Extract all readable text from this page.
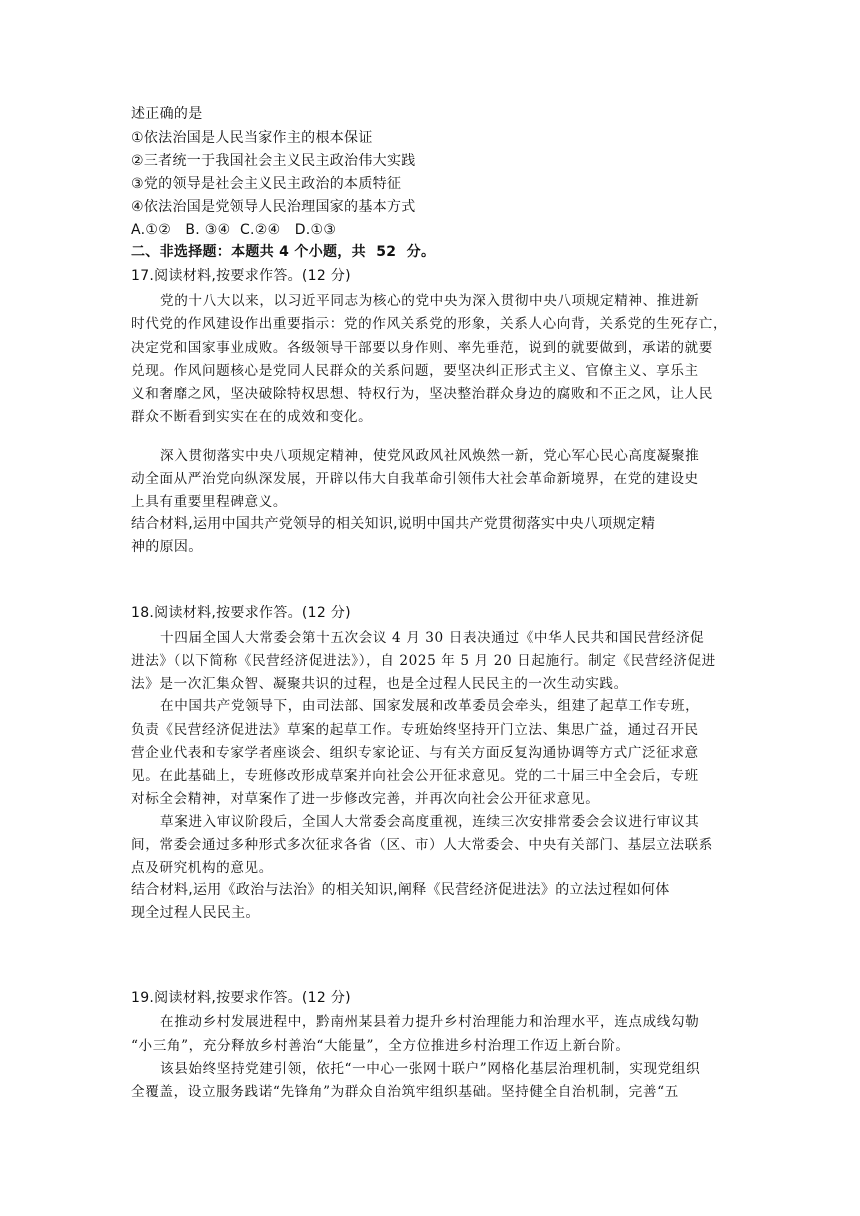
述正确的是
①依法治国是人民当家作主的根本保证
②三者统一于我国社会主义民主政治伟大实践
③党的领导是社会主义民主政治的本质特征
④依法治国是党领导人民治理国家的基本方式
A.①②   B. ③④  C.②④   D.①③
二、非选择题：本题共 4 个小题，共  52  分。
17.阅读材料,按要求作答。(12 分)
党的十八大以来，以习近平同志为核心的党中央为深入贯彻中央八项规定精神、推进新
时代党的作风建设作出重要指示：党的作风关系党的形象，关系人心向背，关系党的生死存亡，
决定党和国家事业成败。各级领导干部要以身作则、率先垂范，说到的就要做到，承诺的就要
兑现。作风问题核心是党同人民群众的关系问题，要坚决纠正形式主义、官僚主义、享乐主
义和奢靡之风，坚决破除特权思想、特权行为，坚决整治群众身边的腐败和不正之风，让人民
群众不断看到实实在在的成效和变化。
深入贯彻落实中央八项规定精神，使党风政风社风焕然一新，党心军心民心高度凝聚推
动全面从严治党向纵深发展，开辟以伟大自我革命引领伟大社会革命新境界，在党的建设史
上具有重要里程碑意义。
结合材料,运用中国共产党领导的相关知识,说明中国共产党贯彻落实中央八项规定精
神的原因。
18.阅读材料,按要求作答。(12 分)
十四届全国人大常委会第十五次会议 4 月 30 日表决通过《中华人民共和国民营经济促
进法》（以下简称《民营经济促进法》），自 2025 年 5 月 20 日起施行。制定《民营经济促进
法》是一次汇集众智、凝聚共识的过程，也是全过程人民民主的一次生动实践。
在中国共产党领导下，由司法部、国家发展和改革委员会牵头，组建了起草工作专班，
负责《民营经济促进法》草案的起草工作。专班始终坚持开门立法、集思广益，通过召开民
营企业代表和专家学者座谈会、组织专家论证、与有关方面反复沟通协调等方式广泛征求意
见。在此基础上，专班修改形成草案并向社会公开征求意见。党的二十届三中全会后，专班
对标全会精神，对草案作了进一步修改完善，并再次向社会公开征求意见。
草案进入审议阶段后，全国人大常委会高度重视，连续三次安排常委会会议进行审议其
间，常委会通过多种形式多次征求各省（区、市）人大常委会、中央有关部门、基层立法联系
点及研究机构的意见。
结合材料,运用《政治与法治》的相关知识,阐释《民营经济促进法》的立法过程如何体
现全过程人民民主。
19.阅读材料,按要求作答。(12 分)
在推动乡村发展进程中，黔南州某县着力提升乡村治理能力和治理水平，连点成线勾勒
“小三角”，充分释放乡村善治“大能量”，全方位推进乡村治理工作迈上新台阶。
该县始终坚持党建引领，依托“一中心一张网十联户”网格化基层治理机制，实现党组织
全覆盖，设立服务践诺“先锋角”为群众自治筑牢组织基础。坚持健全自治机制，完善“五
